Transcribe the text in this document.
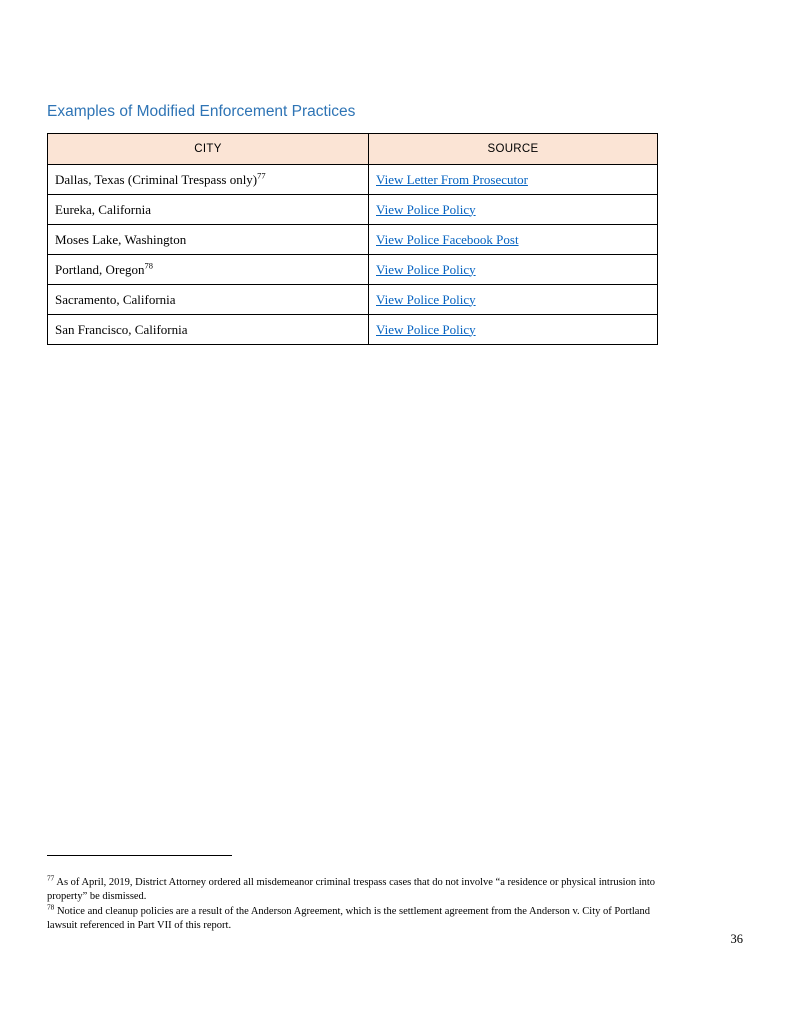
Examples of Modified Enforcement Practices
CITY	SOURCE
Dallas, Texas (Criminal Trespass only)$^{77}$	View Letter From Prosecutor
Eureka, California	View Police Policy
Moses Lake, Washington	View Police Facebook Post
Portland, Oregon$^{78}$	View Police Policy
Sacramento, California	View Police Policy
San Francisco, California	View Police Policy

$^{77}$ As of April, 2019, District Attorney ordered all misdemeanor criminal trespass cases that do not involve “a residence or physical intrusion into property” be dismissed.

$^{78}$ Notice and cleanup policies are a result of the Anderson Agreement, which is the settlement agreement from the Anderson v. City of Portland lawsuit referenced in Part VII of this report.

36
